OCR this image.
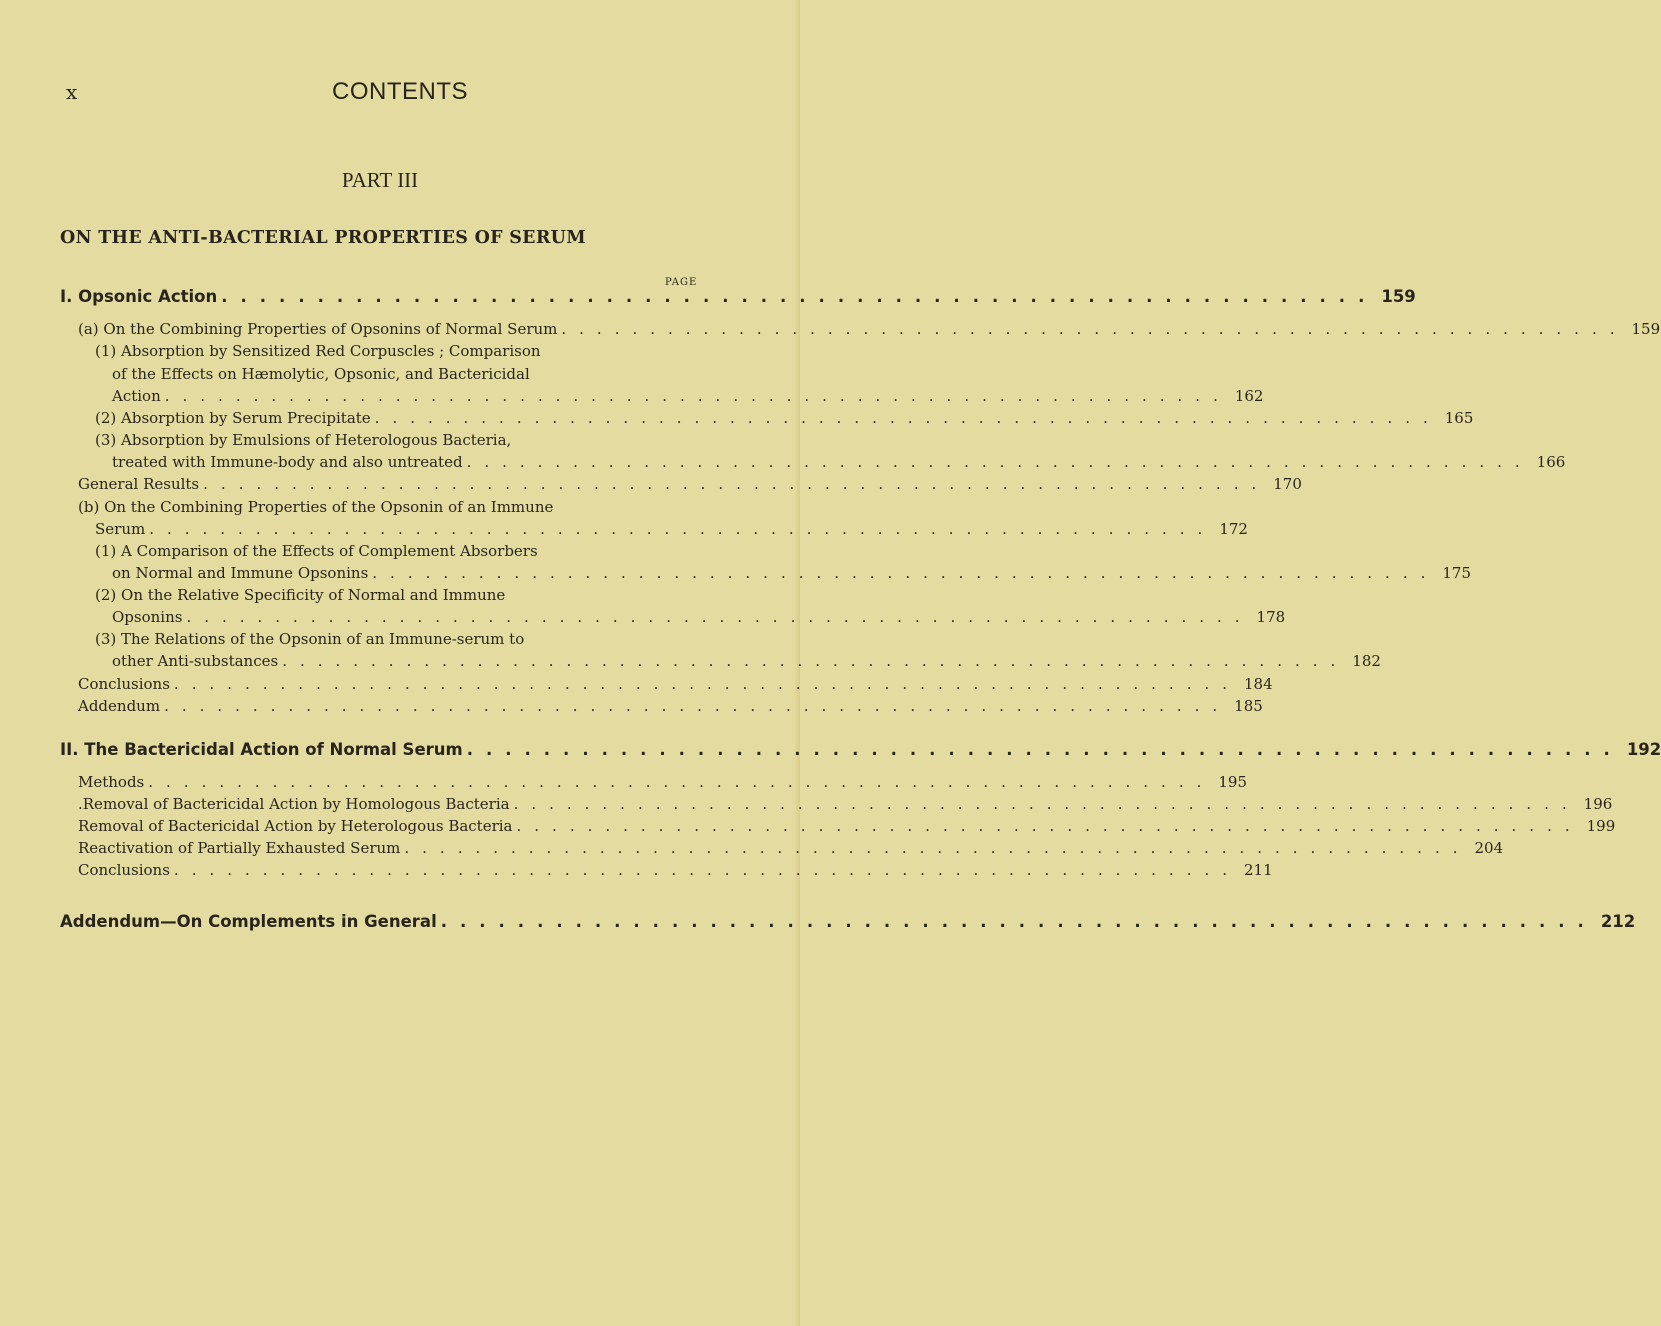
x	CONTENTS
PART III
ON THE ANTI-BACTERIAL PROPERTIES OF SERUM
PAGE
I. Opsonic Action ............................................................ 159
(a) On the Combining Properties of Opsonins of Normal Serum ............................................................ 159
(1) Absorption by Sensitized Red Corpuscles ; Comparison
of the Effects on Hæmolytic, Opsonic, and Bactericidal
Action ............................................................ 162
(2) Absorption by Serum Precipitate ............................................................ 165
(3) Absorption by Emulsions of Heterologous Bacteria,
treated with Immune-body and also untreated ............................................................ 166
General Results ............................................................ 170
(b) On the Combining Properties of the Opsonin of an Immune
Serum ............................................................ 172
(1) A Comparison of the Effects of Complement Absorbers
on Normal and Immune Opsonins ............................................................ 175
(2) On the Relative Specificity of Normal and Immune
Opsonins ............................................................ 178
(3) The Relations of the Opsonin of an Immune-serum to
other Anti-substances ............................................................ 182
Conclusions ............................................................ 184
Addendum ............................................................ 185
II. The Bactericidal Action of Normal Serum ............................................................ 192
Methods ............................................................ 195
.Removal of Bactericidal Action by Homologous Bacteria ............................................................ 196
Removal of Bactericidal Action by Heterologous Bacteria ............................................................ 199
Reactivation of Partially Exhausted Serum ............................................................ 204
Conclusions ............................................................ 211
Addendum—On Complements in General ............................................................ 212
